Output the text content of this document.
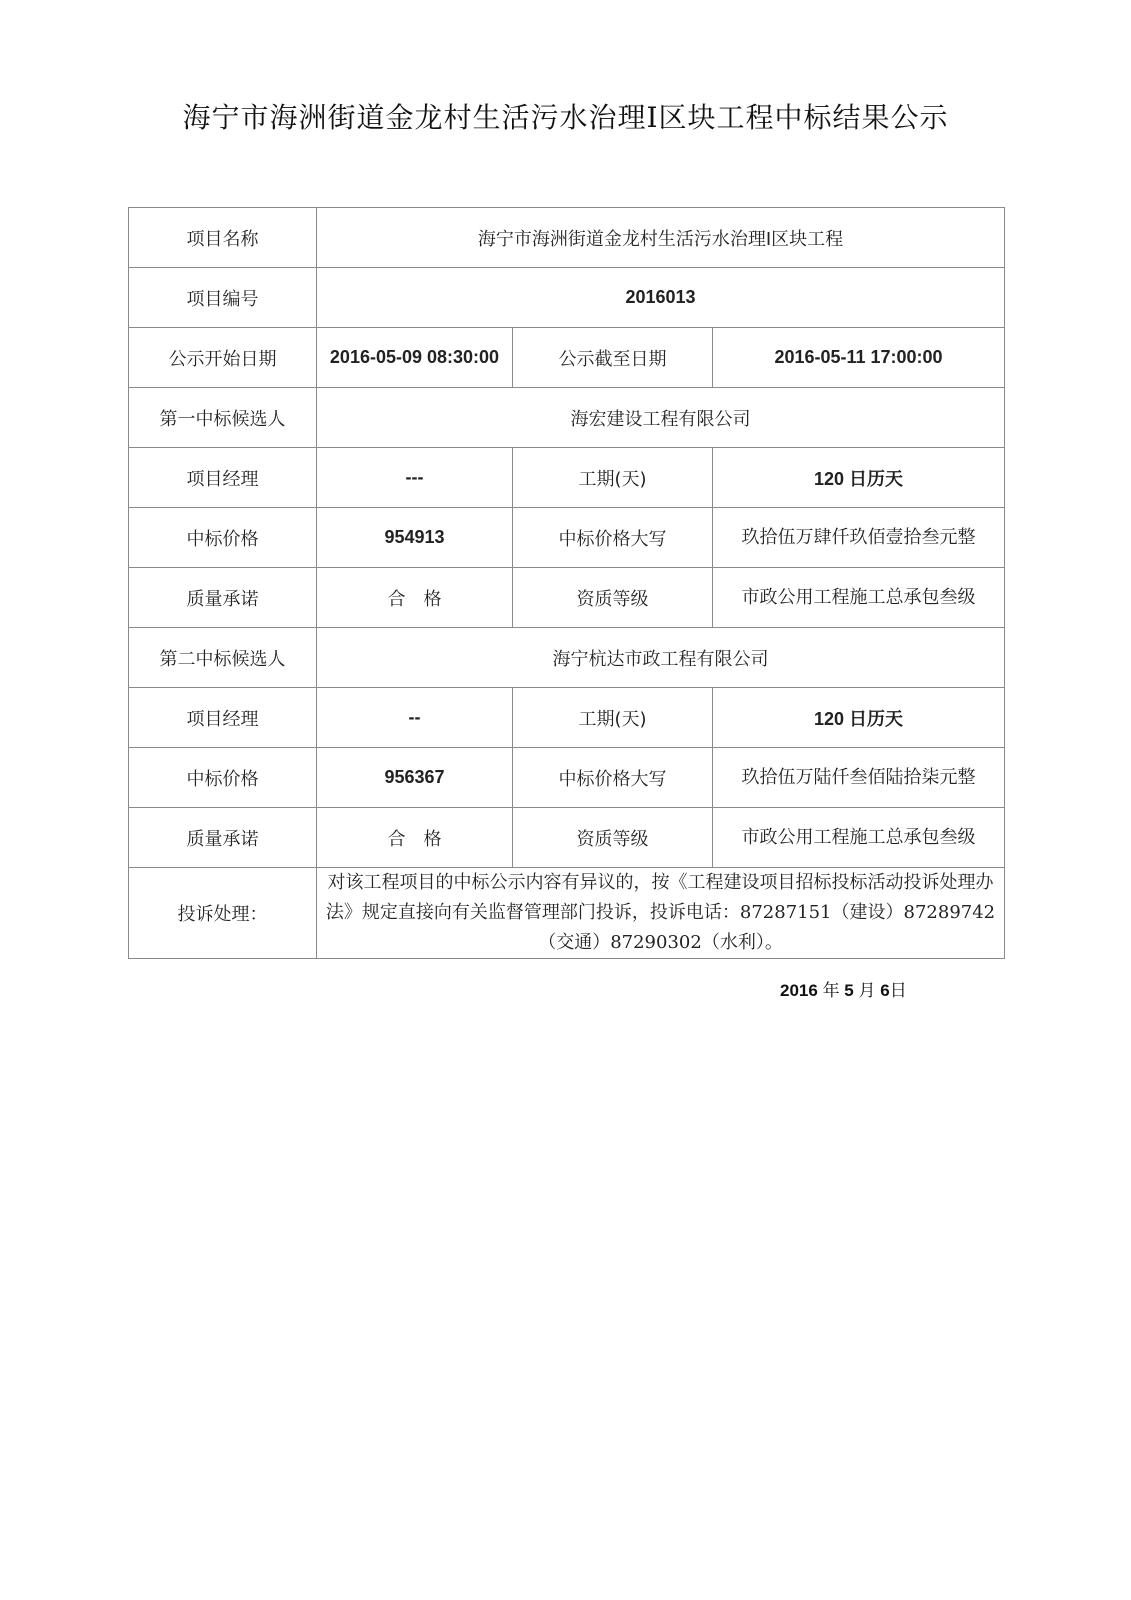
海宁市海洲街道金龙村生活污水治理Ⅰ区块工程中标结果公示
项目名称	海宁市海洲街道金龙村生活污水治理Ⅰ区块工程		
项目编号	2016013		
公示开始日期	2016-05-09 08:30:00	公示截至日期	2016-05-11 17:00:00
第一中标候选人	海宏建设工程有限公司		
项目经理	---	工期(天)	120 日历天
中标价格	954913	中标价格大写	玖拾伍万肆仟玖佰壹拾叁元整
质量承诺	合　格	资质等级	市政公用工程施工总承包叁级
第二中标候选人	海宁杭达市政工程有限公司		
项目经理	--	工期(天)	120 日历天
中标价格	956367	中标价格大写	玖拾伍万陆仟叁佰陆拾柒元整
质量承诺	合　格	资质等级	市政公用工程施工总承包叁级
投诉处理：	对该工程项目的中标公示内容有异议的，按《工程建设项目招标投标活动投诉处理办法》规定直接向有关监督管理部门投诉，投诉电话：87287151（建设）87289742（交通）87290302（水利）。		
2016 年 5 月 6日
